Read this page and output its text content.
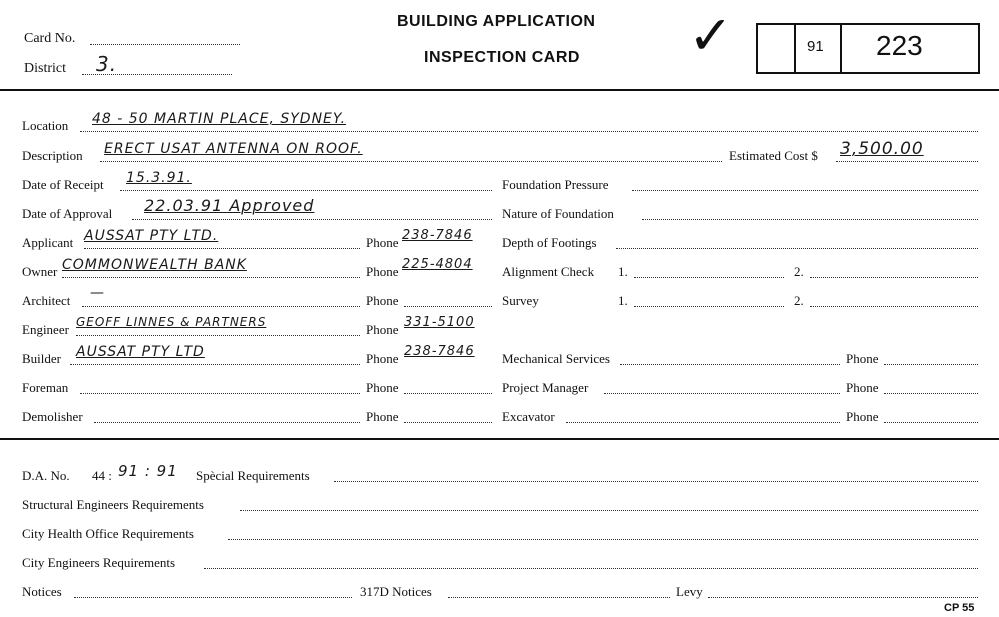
Card No.
District 3.
BUILDING APPLICATION
INSPECTION CARD ✓	91 223
Location 48 - 50 MARTIN PLACE, SYDNEY.
Description ERECT USAT ANTENNA ON ROOF.	Estimated Cost $ 3,500.00
Date of Receipt 15.3.91.	Foundation Pressure
Date of Approval 22.03.91 Approved	Nature of Foundation
Applicant AUSSAT PTY LTD.	Phone 238-7846 Depth of Footings
Owner COMMONWEALTH BANK	Phone 225-4804 Alignment Check 1.	2.
Architect —	Phone	Survey	1.	2.
Engineer GEOFF LINNES & PARTNERS	Phone 331-5100
Builder AUSSAT PTY LTD	Phone 238-7846 Mechanical Services	Phone
Foreman	Phone	Project Manager	Phone
Demolisher	Phone	Excavator	Phone
D.A. No. 44 : 91 : 91 Spècial Requirements
Structural Engineers Requirements
City Health Office Requirements
City Engineers Requirements
Notices	317D Notices	Levy
CP 55
